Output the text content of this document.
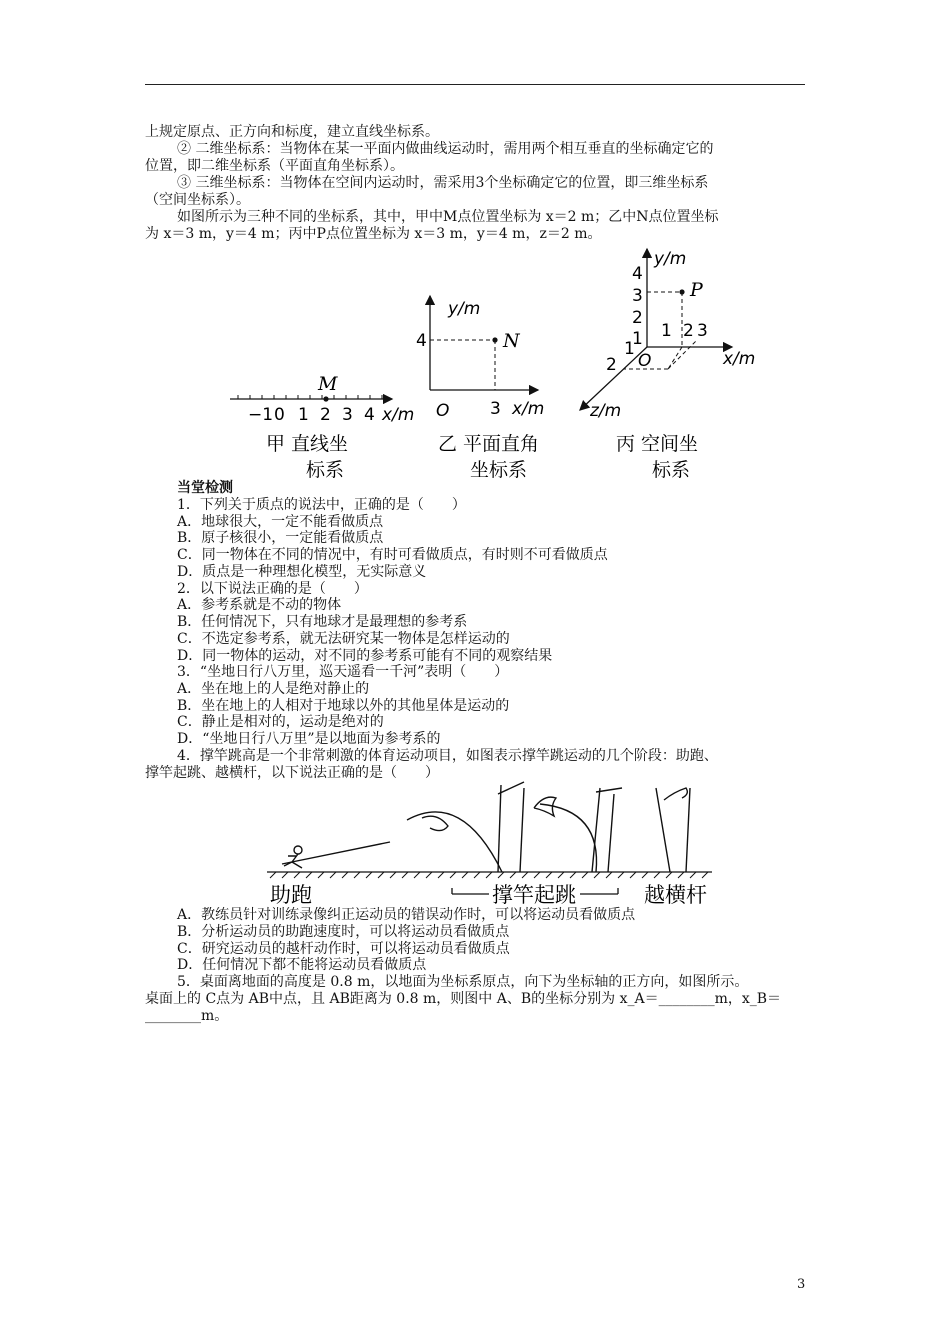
上规定原点、正方向和标度，建立直线坐标系。
② 二维坐标系：当物体在某一平面内做曲线运动时，需用两个相互垂直的坐标确定它的
位置，即二维坐标系（平面直角坐标系）。
③ 三维坐标系：当物体在空间内运动时，需采用3个坐标确定它的位置，即三维坐标系
（空间坐标系）。
如图所示为三种不同的坐标系，其中，甲中M点位置坐标为 x＝2 m；乙中N点位置坐标
为 x＝3 m，y＝4 m；丙中P点位置坐标为 x＝3 m，y＝4 m，z＝2 m。
M
−1 0 1 2 3 4 x/m
甲 直线坐
标系
N
y/m
4
O 3 x/m
乙 平面直角
坐标系
P
y/m
4
3
2
1 1 2 3
1
2 O	x/m
z/m
丙 空间坐
标系
当堂检测
1．下列关于质点的说法中，正确的是（　　）
A．地球很大，一定不能看做质点
B．原子核很小，一定能看做质点
C．同一物体在不同的情况中，有时可看做质点，有时则不可看做质点
D．质点是一种理想化模型，无实际意义
2．以下说法正确的是（　　）
A．参考系就是不动的物体
B．任何情况下，只有地球才是最理想的参考系
C．不选定参考系，就无法研究某一物体是怎样运动的
D．同一物体的运动，对不同的参考系可能有不同的观察结果
3．“坐地日行八万里，巡天遥看一千河”表明（　　）
A．坐在地上的人是绝对静止的
B．坐在地上的人相对于地球以外的其他星体是运动的
C．静止是相对的，运动是绝对的
D．“坐地日行八万里”是以地面为参考系的
4．撑竿跳高是一个非常刺激的体育运动项目，如图表示撑竿跳运动的几个阶段：助跑、
撑竿起跳、越横杆，以下说法正确的是（　　）
助跑	撑竿起跳	越横杆
A．教练员针对训练录像纠正运动员的错误动作时，可以将运动员看做质点
B．分析运动员的助跑速度时，可以将运动员看做质点
C．研究运动员的越杆动作时，可以将运动员看做质点
D．任何情况下都不能将运动员看做质点
5．桌面离地面的高度是 0.8 m，以地面为坐标系原点，向下为坐标轴的正方向，如图所示。
桌面上的 C点为 AB中点，且 AB距离为 0.8 m，则图中 A、B的坐标分别为 x_A＝________m，x_B＝
________m。
3
